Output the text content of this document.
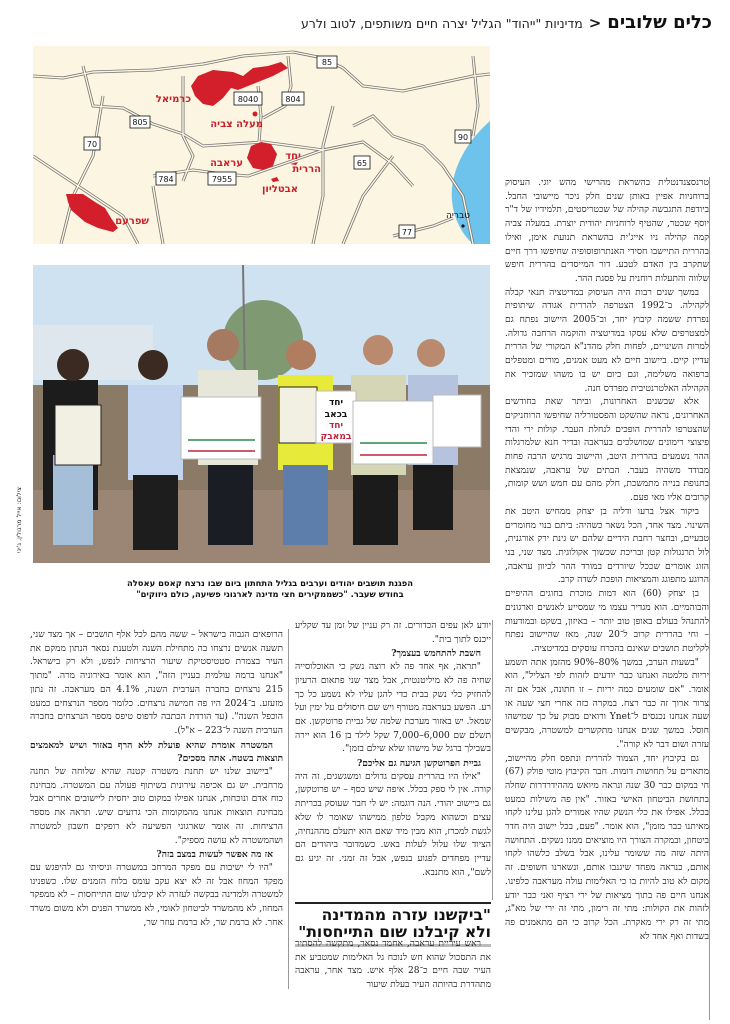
כלים שלובים
<
מדיניות "ייהוד" הגליל יצרה חיים משותפים, לטוב ולרע
כרמיאל
מעלה צביה
עראבה
יחד
הררית
אבטליון
שפרעם	טבריה
85
8040	804
805
70
90
65
784	7955
77
יחד
בכאב
יחד
במאבק
צילום: אייל מרגולין, ג'יני
הפגנת תושבים יהודים וערבים בגליל התחתון ביום שבו נרצח קאסם עאסלה
בחודש שעבר. "כשממקירים חצי מדינה לארגוני פשיעה, כולם ניזוקים"

טרנסצנדנטלית בהשראת מהרישי מהש יוגי. העיסוק ברוחניות אפיין באותן שנים חלק ניכר מיישובי החבל. ביודפת התגבשה קהילה של שכטריסטים, תלמידיו של ד"ר יוסף שכטר, שהטיף לרוחניות יהודית יוצרת. במעלה צביה קמה קהילה ניו אייג'ית בהשראת תנועת אימן, ואילו בהררית התיישבו חסידי האנתרופוסופיה שחיפשו דרך חיים שתקרב בין האדם לטבע. דור המייסדים בהררית חיפש שלווה והתעלות רוחנית על פסגת ההר.

במשך שנים רבות היה העיסוק במדיטציה תנאי קבלה לקהילה. ב־1992 הצטרפה להררית אגודה שיתופית נפרדת ששמה קיבוץ יחד, וב־2005 היישוב נפתח גם למצטרפים שלא עסקו במדיטציה והוקמה הרחבה גדולה. למרות השינויים, לפחות חלק מהדנ"א המקורי של הררית עדיין קיים. ביישוב חיים לא מעט אמנים, מורים ומטפלים ברפואה משלימה, וגם כיום יש בו משהו שמזכיר את הקהילה האלטרנטיבית מפרדס חנה.

אלא שבשנים האחרונות, וביתר שאת בחודשים האחרונים, נראה שהשקט והפסטורליה שחיפשו הרוחניקים שהצטרפו להררית הופכים לנחלת העבר. קולות ירי והדי פיצוצי רימונים שמושלכים בעראבה ובדיר חנא שלמרגלות ההר נשמעים בהררית היטב, והיישוב מרגיש הרבה פחות מבודד משהיה בעבר. הבתים של עראבה, שנמצאת בתנופת בנייה מתמשכת, חלק מהם עם חמש ושש קומות, קרובים אליו מאי פעם.

ביקור אצל ברעו ודליה בן יצחק ממחיש היטב את השינוי. מצד אחד, הכל נשאר כשהיה: ביתם בנוי מחומרים טבעיים, ובחצר רחבת הידיים שלהם יש גינת ירק אורגנית, לול תרנגולות קטן ובריכת שכשוך אקולוגית. מצד שני, בני הזוג אומרים שככל שיורדים במורד ההר לכיוון עראבה, הרוגע מתפוגג והמציאות הופכת לשדה קרב.

בן יצחק (60) הוא דמות מוכרת בחוגים ההיפיים והבוהמיים. הוא מגדיר עצמו מי שמסייע לאנשים וארגונים להתנהל בעולם באופן טוב יותר – באיזון, בשקט ובמודעות – וחי בהררית קרוב ל־20 שנה, מאז שהיישוב נפתח לקליטת תושבים שאינם בהכרח עוסקים במדיטציה.

"בשעות הערב, במשך 80%–90% מהזמן אתה תשמע יריות מלמטה ואנחנו כבר יודעים לזהות לפי הצליל", הוא אומר. "אם שומעים כמה יריות – זו חתונה, אבל אם זה צרור ארוך זה כבר רצח. במקרה כזה אחרי חצי שעה או שעה אנחנו נכנסים ל־Ynet ורואים מבוק על כך שמישהו חוסל. במשך שנים אנחנו מתקשרים למשטרה, מבקשים עזרה ושום דבר לא קורה".

גם בקיבוץ יחד, הצמוד להררית ונתפס חלק מהיישוב, מתארים על תחושות דומות. חבר הקיבוץ מוטי פולק (67) חי במקום כבר 30 שנה ונראה מיואש מההידרדרות שחלה בתחושת הביטחון האישי באזור. "אין פה משילות כמעט בכלל. אפילו את כלי הנשק שהיו אמורים להגן עלינו לקחו מאיתנו כבר מזמן", הוא אומר. "פעם, בכל יישוב היה חדר ביטחון, ובמקרה הצורך היו מוציאים ממנו נשקים. התחושה היתה שזה מה ששומר עלינו, אבל בשלב כלשהו לקחו אותם, כנראה מפחד שיגנבו אותם, ונשארנו חשופים. זה מקום לא טוב להיות בו כי האלימות עולה מעראבה כלפינו. אנחנו חיים פה בתוך מציאות של ירי רציף ואני כבר יודע לזהות את הקולות: מתי זה רימון, מתי זה ירי של מא"ג, מתי זה רק ירי מאקרת. הכל קרוב כי הם מתאמנים פה בשדות ואף אחד לא

יודע לאן עפים הכדורים. זה רק עניין של זמן עד שקליע ייכנס לתוך בית".

חשבת להתחמש בעצמך?

"תראה, אף אחד פה לא רוצה נשק כי האוכלוסייה שחיה פה לא מיליטנטית, אבל מצד שני פתאום הרעיון להחזיק כלי נשק בבית כדי להגן עליו לא נשמע כל כך רע. הפשע בעראבה מטורף ויש שם חיסולים על ימין ועל שמאל. יש באזור מערכת שלמה של גביית פרוטקשן. אם תשלם שם 6,000–7,000 שקל לילד בן 16 הוא יירה בשבילך ברגל של מישהו שלא שילם בזמן".

גביית הפרוטקשן הגיעה גם אליכם?

"אילו היו בהררית עסקים גדולים ומשגשגים, זה היה קורה. אין לי ספק בכלל. איפה שיש כסף – יש פרוטקשן, גם ביישוב יהודי. הנה דוגמה: יש לי חבר שעוסק בכריתת עצים וכשהוא מקבל טלפון ממישהו שאומר לו שלא לגשת למכרז, הוא מבין מיד שאם הוא יתעלם מההנחיה, הציוד שלו עלול לעלות באש. כשמדובר ביהודים הם עדיין מפחדים לפגוע בנפש, אבל זה זמני. זה יגיע גם לשם", הוא מתנבא.

"ביקשנו עזרה מהמדינה
ולא קיבלנו שום התייחסות"

ראש עיריית עראבה, אחמד נסאר, מתקשה להסתיר את התסכול שהוא חש לנוכח גל האלימות שמטביע את העיר שבה חיים כ־28 אלף איש. מצד אחר, עראבה מתהדרת בהיותה העיר בעלת שיעור

הרופאים הגבוה בישראל – ששה מהם לכל אלף תושבים – אך מצד שני, תשעה אנשים נרצחו בה מתחילת השנה ולטענת נסאר הנתון ממקם את העיר בצמרת סטטיסטיקת שיעור הרציחות לנפש, ולא רק בישראל. "אנחנו ברמה עולמית בעניין הזה", הוא אומר באירוניה מרה. "מתוך 215 נרצחים בחברה הערבית השנה, 4.1% הם מעראבה. זה נתון מזעזע. ב־2024 היו פה חמישה נרצחים. כלומר מספר הנרצחים כמעט הוכפל השנה". (עד הורדת הכתבה לדפוס טיפס מספר הנרצחים בחברה הערבית השנה ל־223 – א"ל).

המשטרה אומרת שהיא פועלת ללא הרף באזור ושיש למאמצים תוצאות בשטח. אתה מסכים?

"ביישוב שלנו יש תחנת משטרה קטנה שהיא שלוחה של תחנה מרחבית. יש גם אכיפה עירונית בשיתוף פעולה עם המשטרה. מבחינת כוח אדם ונוכחות, אנחנו אפילו במקום טוב יחסית ליישובים אחרים אבל מבחינת תוצאות אנחנו מהמקומות הכי גרועים שיש. תראה את מספר הרציחות. זה אומר שארגוני הפשיעה לא רופקים חשבון למשטרה ושהמשטרה לא עושה מספיק".

אז מה אפשר לעשות במצב בזה?

"היו לי ישיבות עם מפקד המרחב במשטרה וניסיתי גם להיפגש עם מפקד המחוז אבל זה לא יצא עקב עומס בלוח הזמנים שלו. כשפנינו למשטרה ולמדינה בבקשה לעזרה לא קיבלנו שום התייחסות – לא ממפקד המחוז, לא מהמשרד לביטחון לאומי, לא ממשרד הפנים ולא משום משרד אחר. לא ברמת שר, לא ברמת עוזר שר,
